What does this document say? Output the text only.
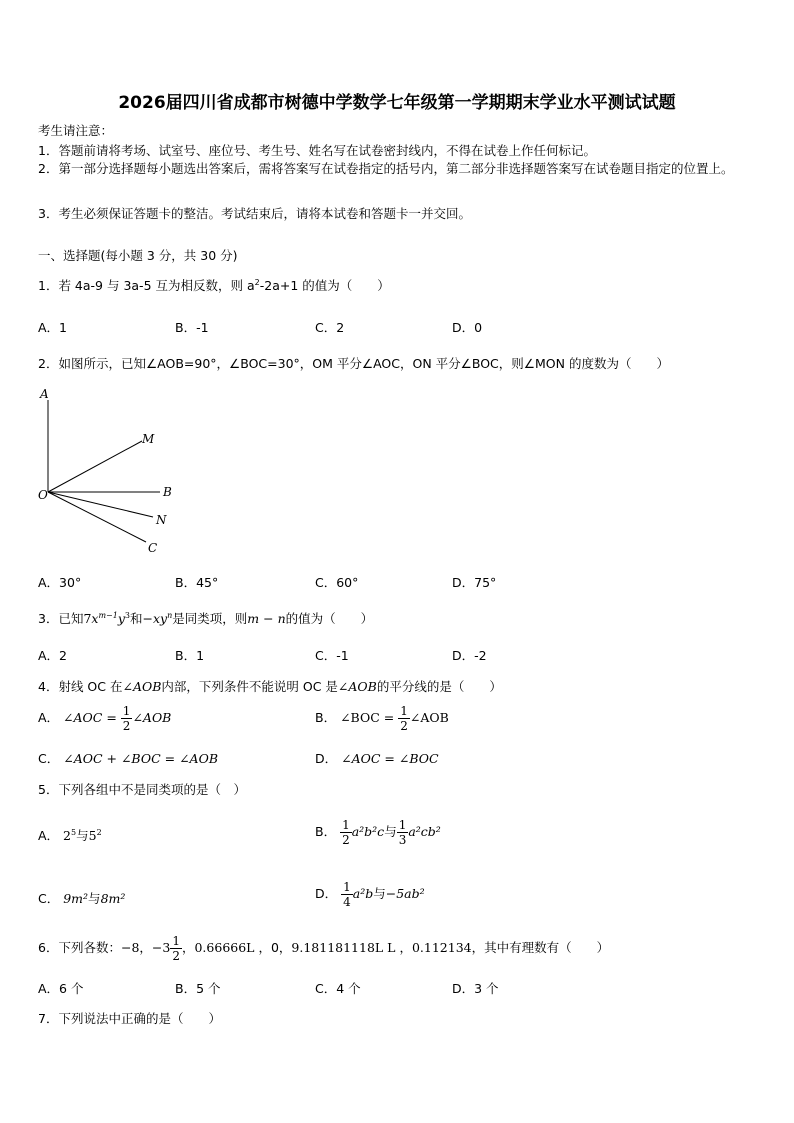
2026届四川省成都市树德中学数学七年级第一学期期末学业水平测试试题
考生请注意：
1．答题前请将考场、试室号、座位号、考生号、姓名写在试卷密封线内，不得在试卷上作任何标记。
2．第一部分选择题每小题选出答案后，需将答案写在试卷指定的括号内，第二部分非选择题答案写在试卷题目指定的位置上。
3．考生必须保证答题卡的整洁。考试结束后，请将本试卷和答题卡一并交回。
一、选择题(每小题 3 分，共 30 分)
1．若 4a-9 与 3a-5 互为相反数，则 $a^2-2a+1$ 的值为（　　）
A．1	B．-1	C．2	D．0
2．如图所示，已知∠AOB=90°，∠BOC=30°，OM 平分∠AOC，ON 平分∠BOC，则∠MON 的度数为（　　）
A
M
O	B
N
C
A．30°	B．45°	C．60°	D．75°
3．已知$7x^{m-1}y^3$和$-xy^n$是同类项，则m − n的值为（　　）
A．2	B．1	C．-1	D．-2
4．射线 OC 在∠AOB内部，下列条件不能说明 OC 是∠AOB的平分线的是（　　）
A． ∠AOC = $\frac{1}{2}$ ∠AOB	B． ∠BOC = $\frac{1}{2}$ ∠AOB
C． ∠AOC + ∠BOC = ∠AOB	D． ∠AOC = ∠BOC
5．下列各组中不是同类项的是（　）
A． $2^5$与$5^2$	B． $\frac{1}{2} a^2b^2c$与 $\frac{1}{3} a^2cb^2$
C． 9m²与8m²	D． $\frac{1}{4} a^2b$与−5ab²
6．下列各数：−8，$-3 \frac{1}{2}$ ，0.66666L ，0，9.181181118L L ，0.112134，其中有理数有（　　）
A．6 个	B．5 个	C．4 个	D．3 个
7．下列说法中正确的是（　　）
